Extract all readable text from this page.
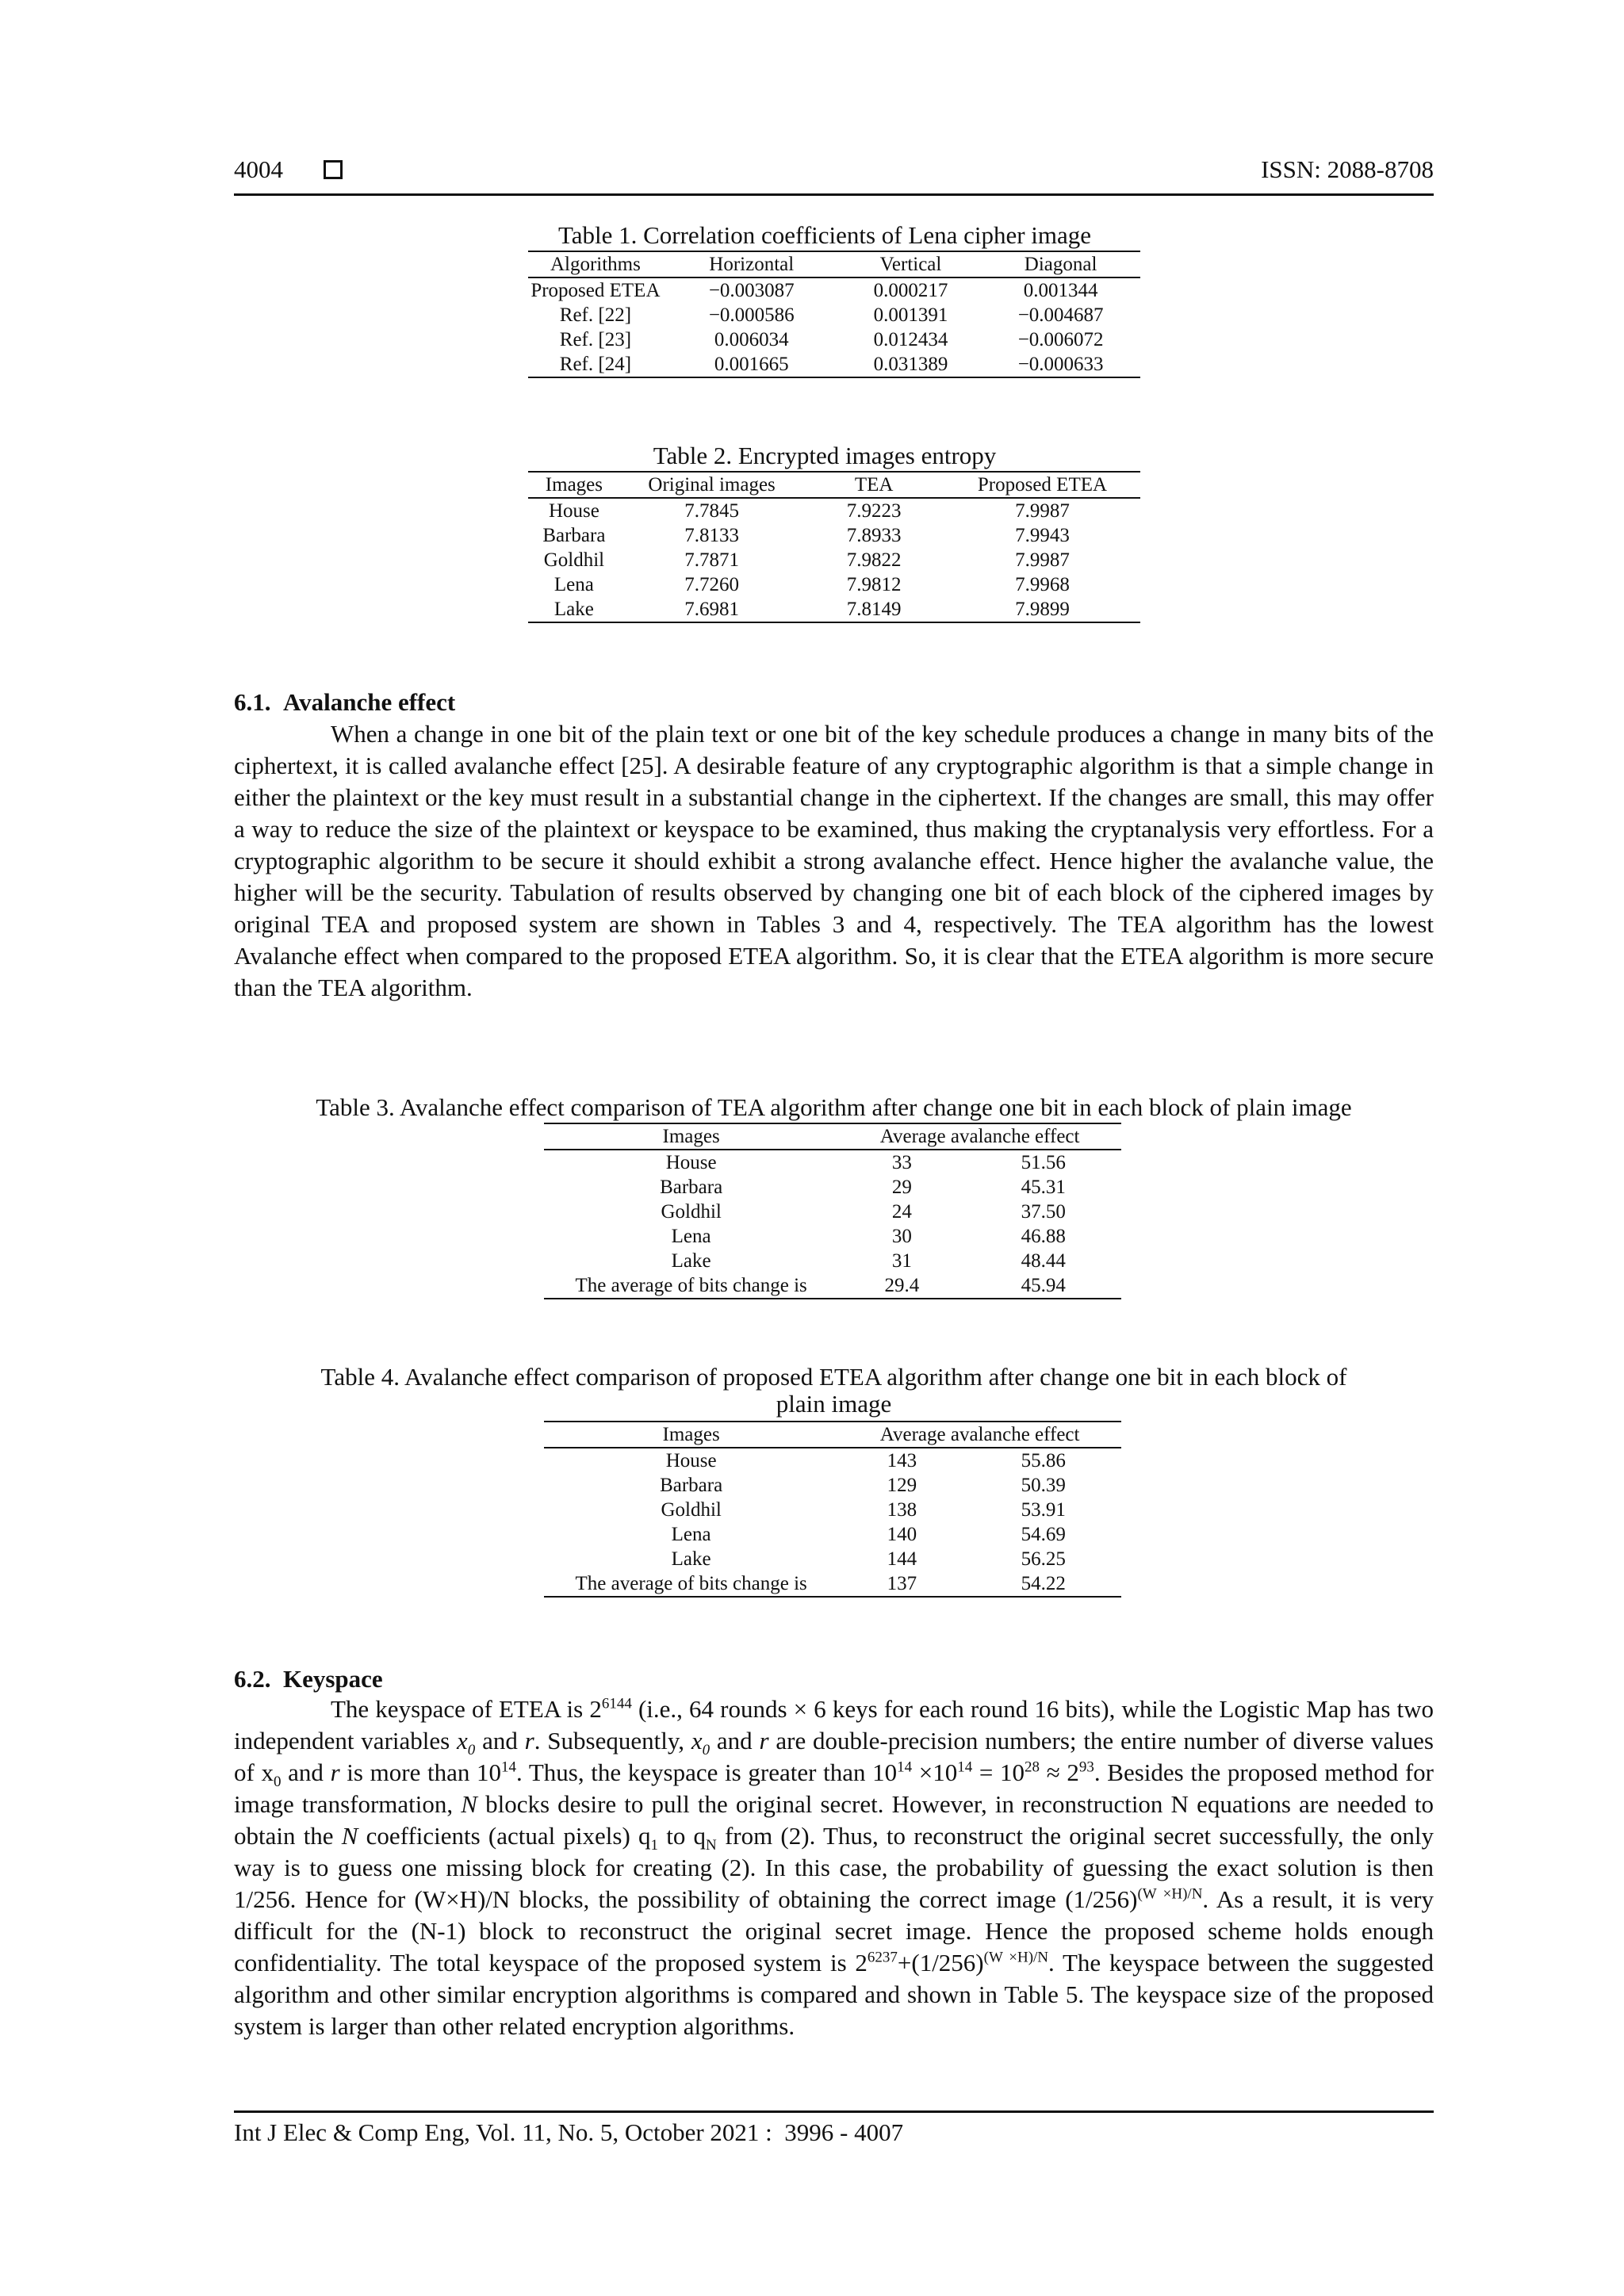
4004	ISSN: 2088-8708
Table 1. Correlation coefficients of Lena cipher image
Algorithms	Horizontal	Vertical	Diagonal
Proposed ETEA	−0.003087	0.000217	0.001344
Ref. [22]	−0.000586	0.001391	−0.004687
Ref. [23]	0.006034	0.012434	−0.006072
Ref. [24]	0.001665	0.031389	−0.000633
Table 2. Encrypted images entropy
Images	Original images	TEA	Proposed ETEA
House	7.7845	7.9223	7.9987
Barbara	7.8133	7.8933	7.9943
Goldhil	7.7871	7.9822	7.9987
Lena	7.7260	7.9812	7.9968
Lake	7.6981	7.8149	7.9899
6.1.  Avalanche effect
When a change in one bit of the plain text or one bit of the key schedule produces a change in many bits of the ciphertext, it is called avalanche effect [25]. A desirable feature of any cryptographic algorithm is that a simple change in either the plaintext or the key must result in a substantial change in the ciphertext. If the changes are small, this may offer a way to reduce the size of the plaintext or keyspace to be examined, thus making the cryptanalysis very effortless. For a cryptographic algorithm to be secure it should exhibit a strong avalanche effect. Hence higher the avalanche value, the higher will be the security. Tabulation of results observed by changing one bit of each block of the ciphered images by original TEA and proposed system are shown in Tables 3 and 4, respectively. The TEA algorithm has the lowest Avalanche effect when compared to the proposed ETEA algorithm. So, it is clear that the ETEA algorithm is more secure than the TEA algorithm.
Table 3. Avalanche effect comparison of TEA algorithm after change one bit in each block of plain image
Images	Average avalanche effect	
House	33	51.56
Barbara	29	45.31
Goldhil	24	37.50
Lena	30	46.88
Lake	31	48.44
The average of bits change is	29.4	45.94
Table 4. Avalanche effect comparison of proposed ETEA algorithm after change one bit in each block of
plain image
Images	Average avalanche effect	
House	143	55.86
Barbara	129	50.39
Goldhil	138	53.91
Lena	140	54.69
Lake	144	56.25
The average of bits change is	137	54.22
6.2.  Keyspace
The keyspace of ETEA is $2^{6144}$ (i.e., 64 rounds × 6 keys for each round 16 bits), while the Logistic Map has two independent variables $x_0$ and r. Subsequently, $x_0$ and r are double-precision numbers; the entire number of diverse values of $x_0$ and r is more than $10^{14}$. Thus, the keyspace is greater than $10^{14} \times 10^{14} = 10^{28} \approx 2^{93}$. Besides the proposed method for image transformation, N blocks desire to pull the original secret. However, in reconstruction N equations are needed to obtain the N coefficients (actual pixels) $q_1$ to $q_N$ from (2). Thus, to reconstruct the original secret successfully, the only way is to guess one missing block for creating (2). In this case, the probability of guessing the exact solution is then 1/256. Hence for (W×H)/N blocks, the possibility of obtaining the correct image $(1/256)^{(W \times H)/N}$. As a result, it is very difficult for the (N-1) block to reconstruct the original secret image. Hence the proposed scheme holds enough confidentiality. The total keyspace of the proposed system is $2^{6237}+(1/256)^{(W \times H)/N}$. The keyspace between the suggested algorithm and other similar encryption algorithms is compared and shown in Table 5. The keyspace size of the proposed system is larger than other related encryption algorithms.
Int J Elec & Comp Eng, Vol. 11, No. 5, October 2021 :  3996 - 4007
